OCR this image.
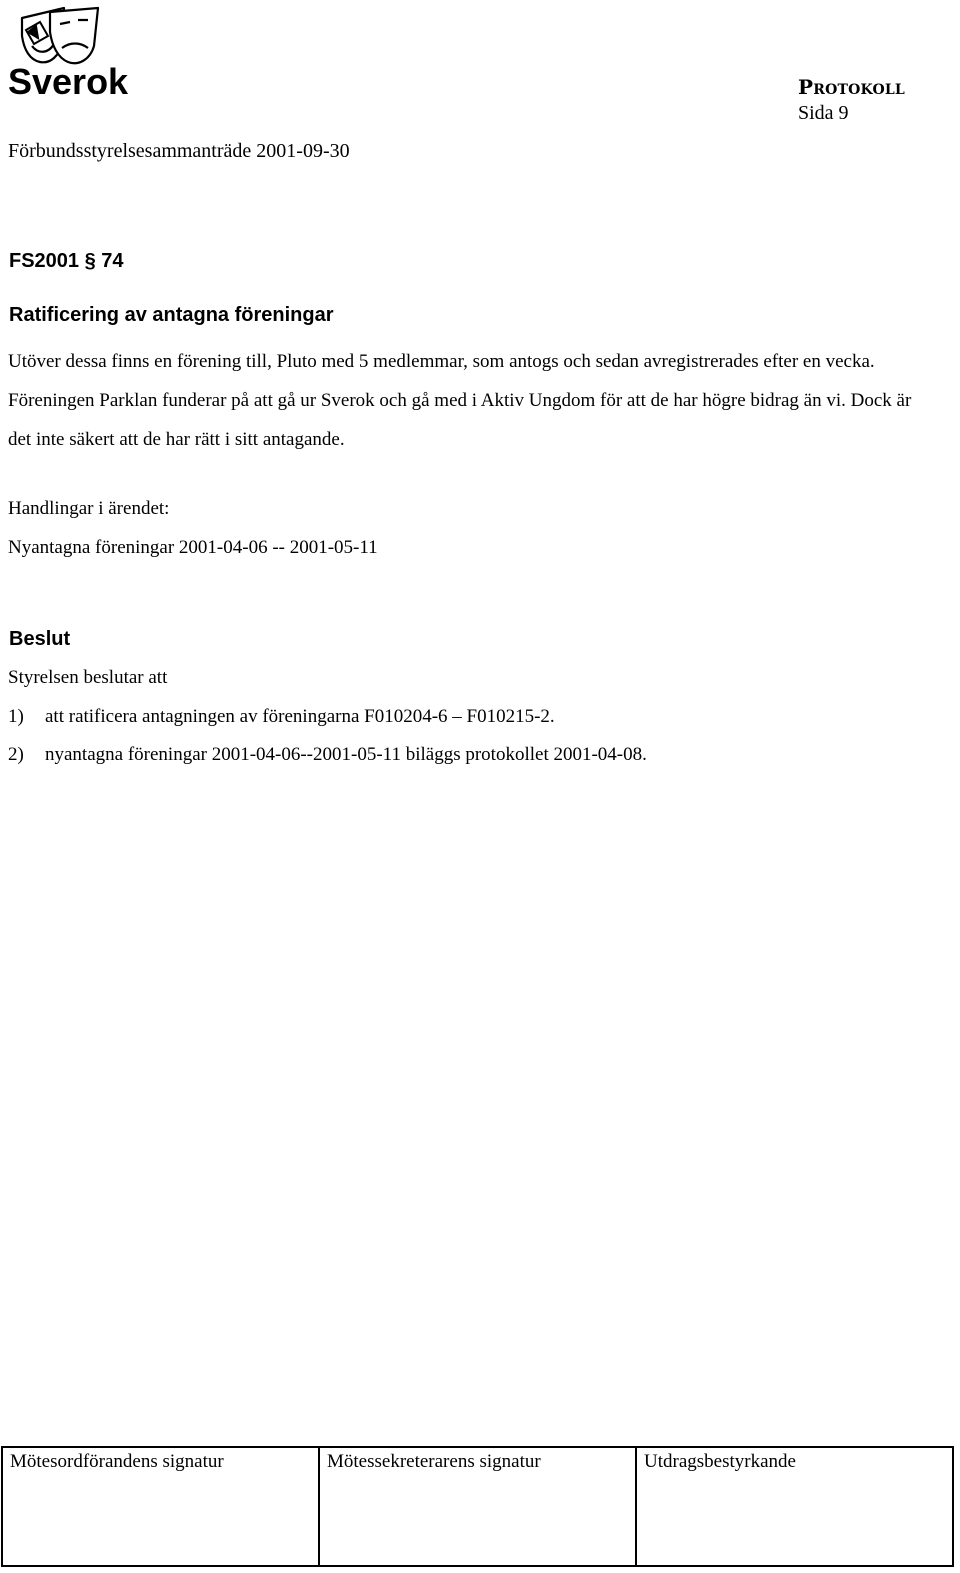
Sverok	Protokoll
Sida 9
Förbundsstyrelsesammanträde 2001-09-30
FS2001 § 74
Ratificering av antagna föreningar

Utöver dessa finns en förening till, Pluto med 5 medlemmar, som antogs och sedan avregistrerades efter en vecka. Föreningen Parklan funderar på att gå ur Sverok och gå med i Aktiv Ungdom för att de har högre bidrag än vi. Dock är det inte säkert att de har rätt i sitt antagande.

Handlingar i ärendet:
Nyantagna föreningar 2001-04-06 -- 2001-05-11
Beslut
Styrelsen beslutar att
1) att ratificera antagningen av föreningarna F010204-6 – F010215-2.
2) nyantagna föreningar 2001-04-06--2001-05-11 biläggs protokollet 2001-04-08.
Mötesordförandens signatur	Mötessekreterarens signatur	Utdragsbestyrkande
